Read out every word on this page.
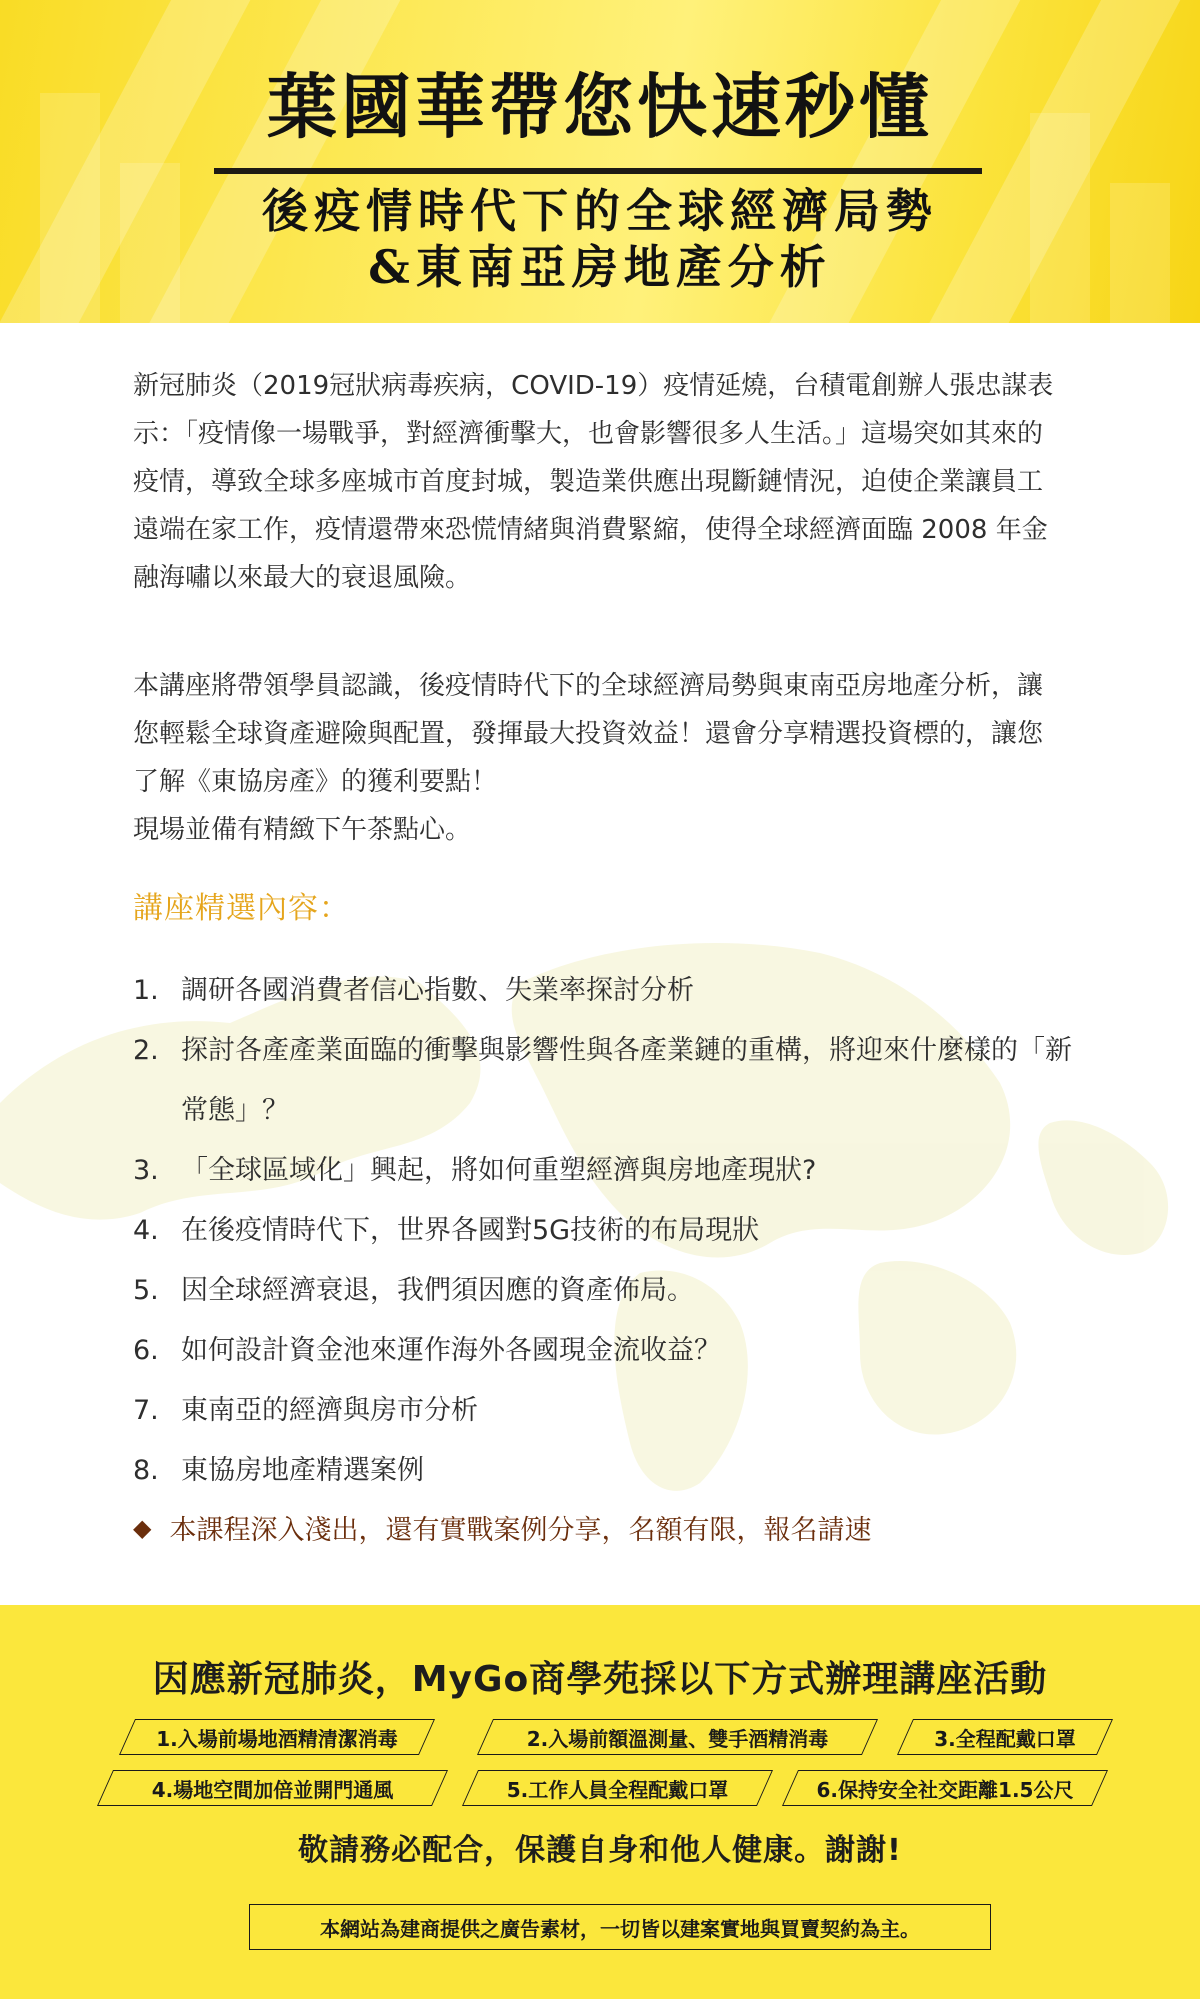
葉國華帶您快速秒懂
後疫情時代下的全球經濟局勢
&東南亞房地產分析

新冠肺炎（2019冠狀病毒疾病，COVID-19）疫情延燒，台積電創辦人張忠謀表示：「疫情像一場戰爭，對經濟衝擊大，也會影響很多人生活。」這場突如其來的疫情，導致全球多座城市首度封城，製造業供應出現斷鏈情況，迫使企業讓員工遠端在家工作，疫情還帶來恐慌情緒與消費緊縮，使得全球經濟面臨 2008 年金融海嘯以來最大的衰退風險。

本講座將帶領學員認識，後疫情時代下的全球經濟局勢與東南亞房地產分析，讓您輕鬆全球資產避險與配置，發揮最大投資效益！還會分享精選投資標的，讓您了解《東協房產》的獲利要點！
現場並備有精緻下午茶點心。
講座精選內容：
1. 調研各國消費者信心指數、失業率探討分析
2. 探討各產產業面臨的衝擊與影響性與各產業鏈的重構，將迎來什麼樣的「新常態」？
3. 「全球區域化」興起，將如何重塑經濟與房地產現狀?
4. 在後疫情時代下，世界各國對5G技術的布局現狀
5. 因全球經濟衰退，我們須因應的資產佈局。
6. 如何設計資金池來運作海外各國現金流收益？
7. 東南亞的經濟與房市分析
8. 東協房地產精選案例
◆ 本課程深入淺出，還有實戰案例分享，名額有限，報名請速
因應新冠肺炎，MyGo商學苑採以下方式辦理講座活動
1.入場前場地酒精清潔消毒	2.入場前額溫測量、雙手酒精消毒	3.全程配戴口罩
4.場地空間加倍並開門通風	5.工作人員全程配戴口罩	6.保持安全社交距離1.5公尺
敬請務必配合，保護自身和他人健康。謝謝!
本網站為建商提供之廣告素材，一切皆以建案實地與買賣契約為主。
